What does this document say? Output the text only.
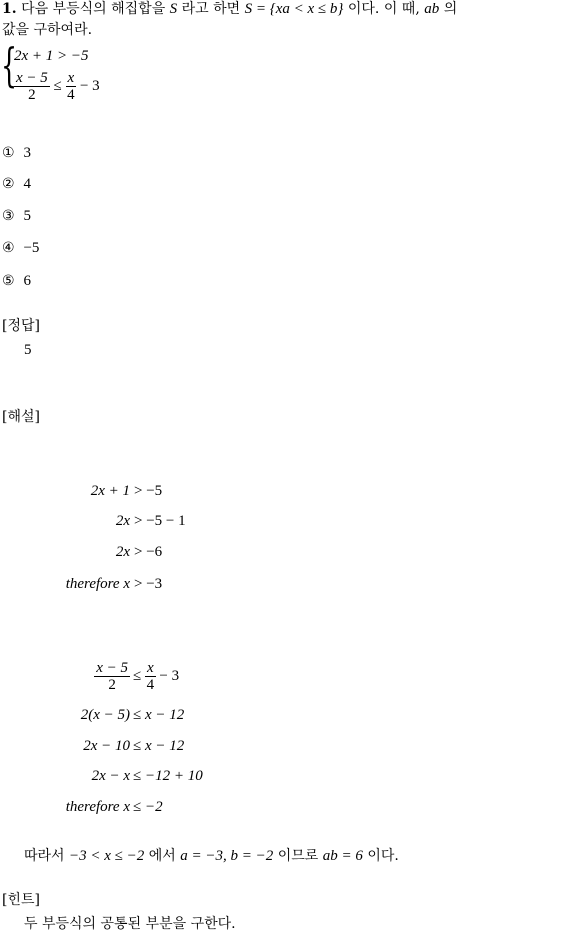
1. 다음 부등식의 해집합을 S 라고 하면 S = {xa < x ≤ b} 이다. 이 때, ab 의
값을 구하여라.
{
2x + 1 > −5
$\frac{x - 5}{2} \le \frac{x}{4} - 3$
① 3
② 4
③ 5
④ −5
⑤ 6
[정답]
5
[해설]
2x + 1 > −5
2x > −5 − 1
2x > −6
therefore x > −3
$\frac{x - 5}{2} \le \frac{x}{4} - 3$
2(x − 5) ≤ x − 12
2x − 10 ≤ x − 12
2x − x ≤ −12 + 10
therefore x ≤ −2
따라서 −3 < x ≤ −2 에서 a = −3, b = −2 이므로 ab = 6 이다.
[힌트]
두 부등식의 공통된 부분을 구한다.
